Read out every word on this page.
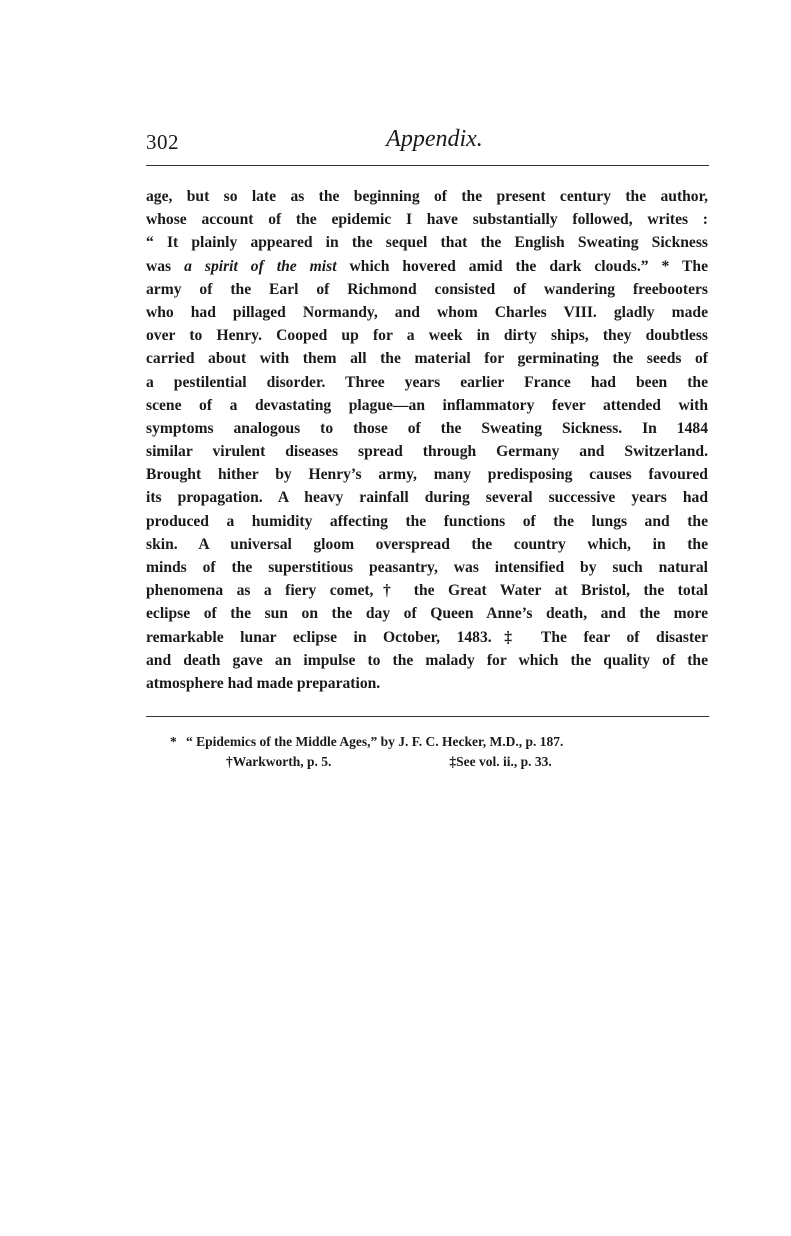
302	Appendix.
age, but so late as the beginning of the present century the author,
whose account of the epidemic I have substantially followed, writes :
“ It plainly appeared in the sequel that the English Sweating Sickness
was a spirit of the mist which hovered amid the dark clouds.” * The
army of the Earl of Richmond consisted of wandering freebooters
who had pillaged Normandy, and whom Charles VIII. gladly made
over to Henry. Cooped up for a week in dirty ships, they doubtless
carried about with them all the material for germinating the seeds of
a pestilential disorder. Three years earlier France had been the
scene of a devastating plague—an inflammatory fever attended with
symptoms analogous to those of the Sweating Sickness. In 1484
similar virulent diseases spread through Germany and Switzerland.
Brought hither by Henry’s army, many predisposing causes favoured
its propagation. A heavy rainfall during several successive years had
produced a humidity affecting the functions of the lungs and the
skin. A universal gloom overspread the country which, in the
minds of the superstitious peasantry, was intensified by such natural
phenomena as a fiery comet,† the Great Water at Bristol, the total
eclipse of the sun on the day of Queen Anne’s death, and the more
remarkable lunar eclipse in October, 1483.‡ The fear of disaster
and death gave an impulse to the malady for which the quality of the
atmosphere had made preparation.
* “ Epidemics of the Middle Ages,” by J. F. C. Hecker, M.D., p. 187.
†Warkworth, p. 5.	‡See vol. ii., p. 33.
